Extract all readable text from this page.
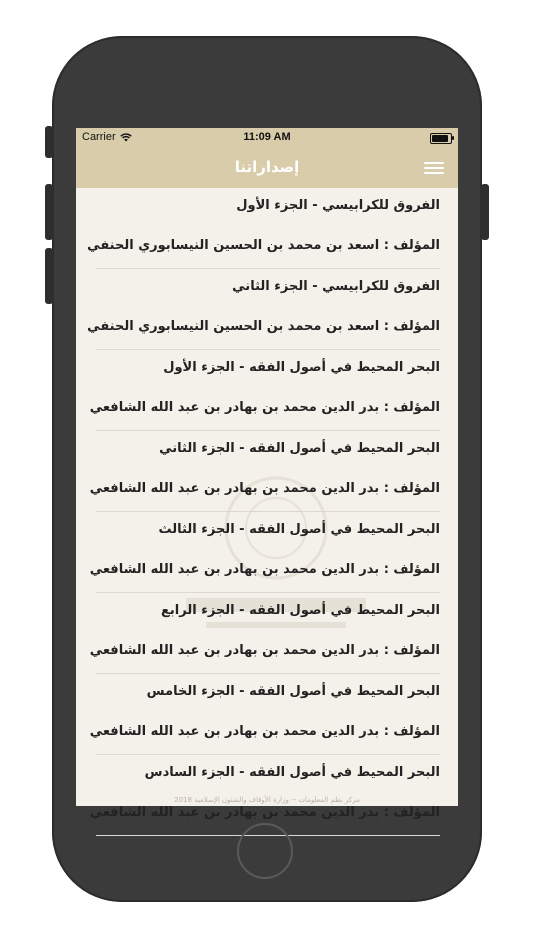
Carrier	11:09 AM
إصداراتنا
الفروق للكرابيسي - الجزء الأول
المؤلف : اسعد بن محمد بن الحسين النيسابوري الحنفي
الفروق للكرابيسي - الجزء الثاني
المؤلف : اسعد بن محمد بن الحسين النيسابوري الحنفي
البحر المحيط في أصول الفقه - الجزء الأول
المؤلف : بدر الدين محمد بن بهادر بن عبد الله الشافعي
البحر المحيط في أصول الفقه - الجزء الثاني
المؤلف : بدر الدين محمد بن بهادر بن عبد الله الشافعي
البحر المحيط في أصول الفقه - الجزء الثالث
المؤلف : بدر الدين محمد بن بهادر بن عبد الله الشافعي
البحر المحيط في أصول الفقه - الجزء الرابع
المؤلف : بدر الدين محمد بن بهادر بن عبد الله الشافعي
البحر المحيط في أصول الفقه - الجزء الخامس
المؤلف : بدر الدين محمد بن بهادر بن عبد الله الشافعي
البحر المحيط في أصول الفقه - الجزء السادس
المؤلف : بدر الدين محمد بن بهادر بن عبد الله الشافعي
مركز نظم المعلومات -- وزارة الأوقاف والشئون الإسلامية 2018
